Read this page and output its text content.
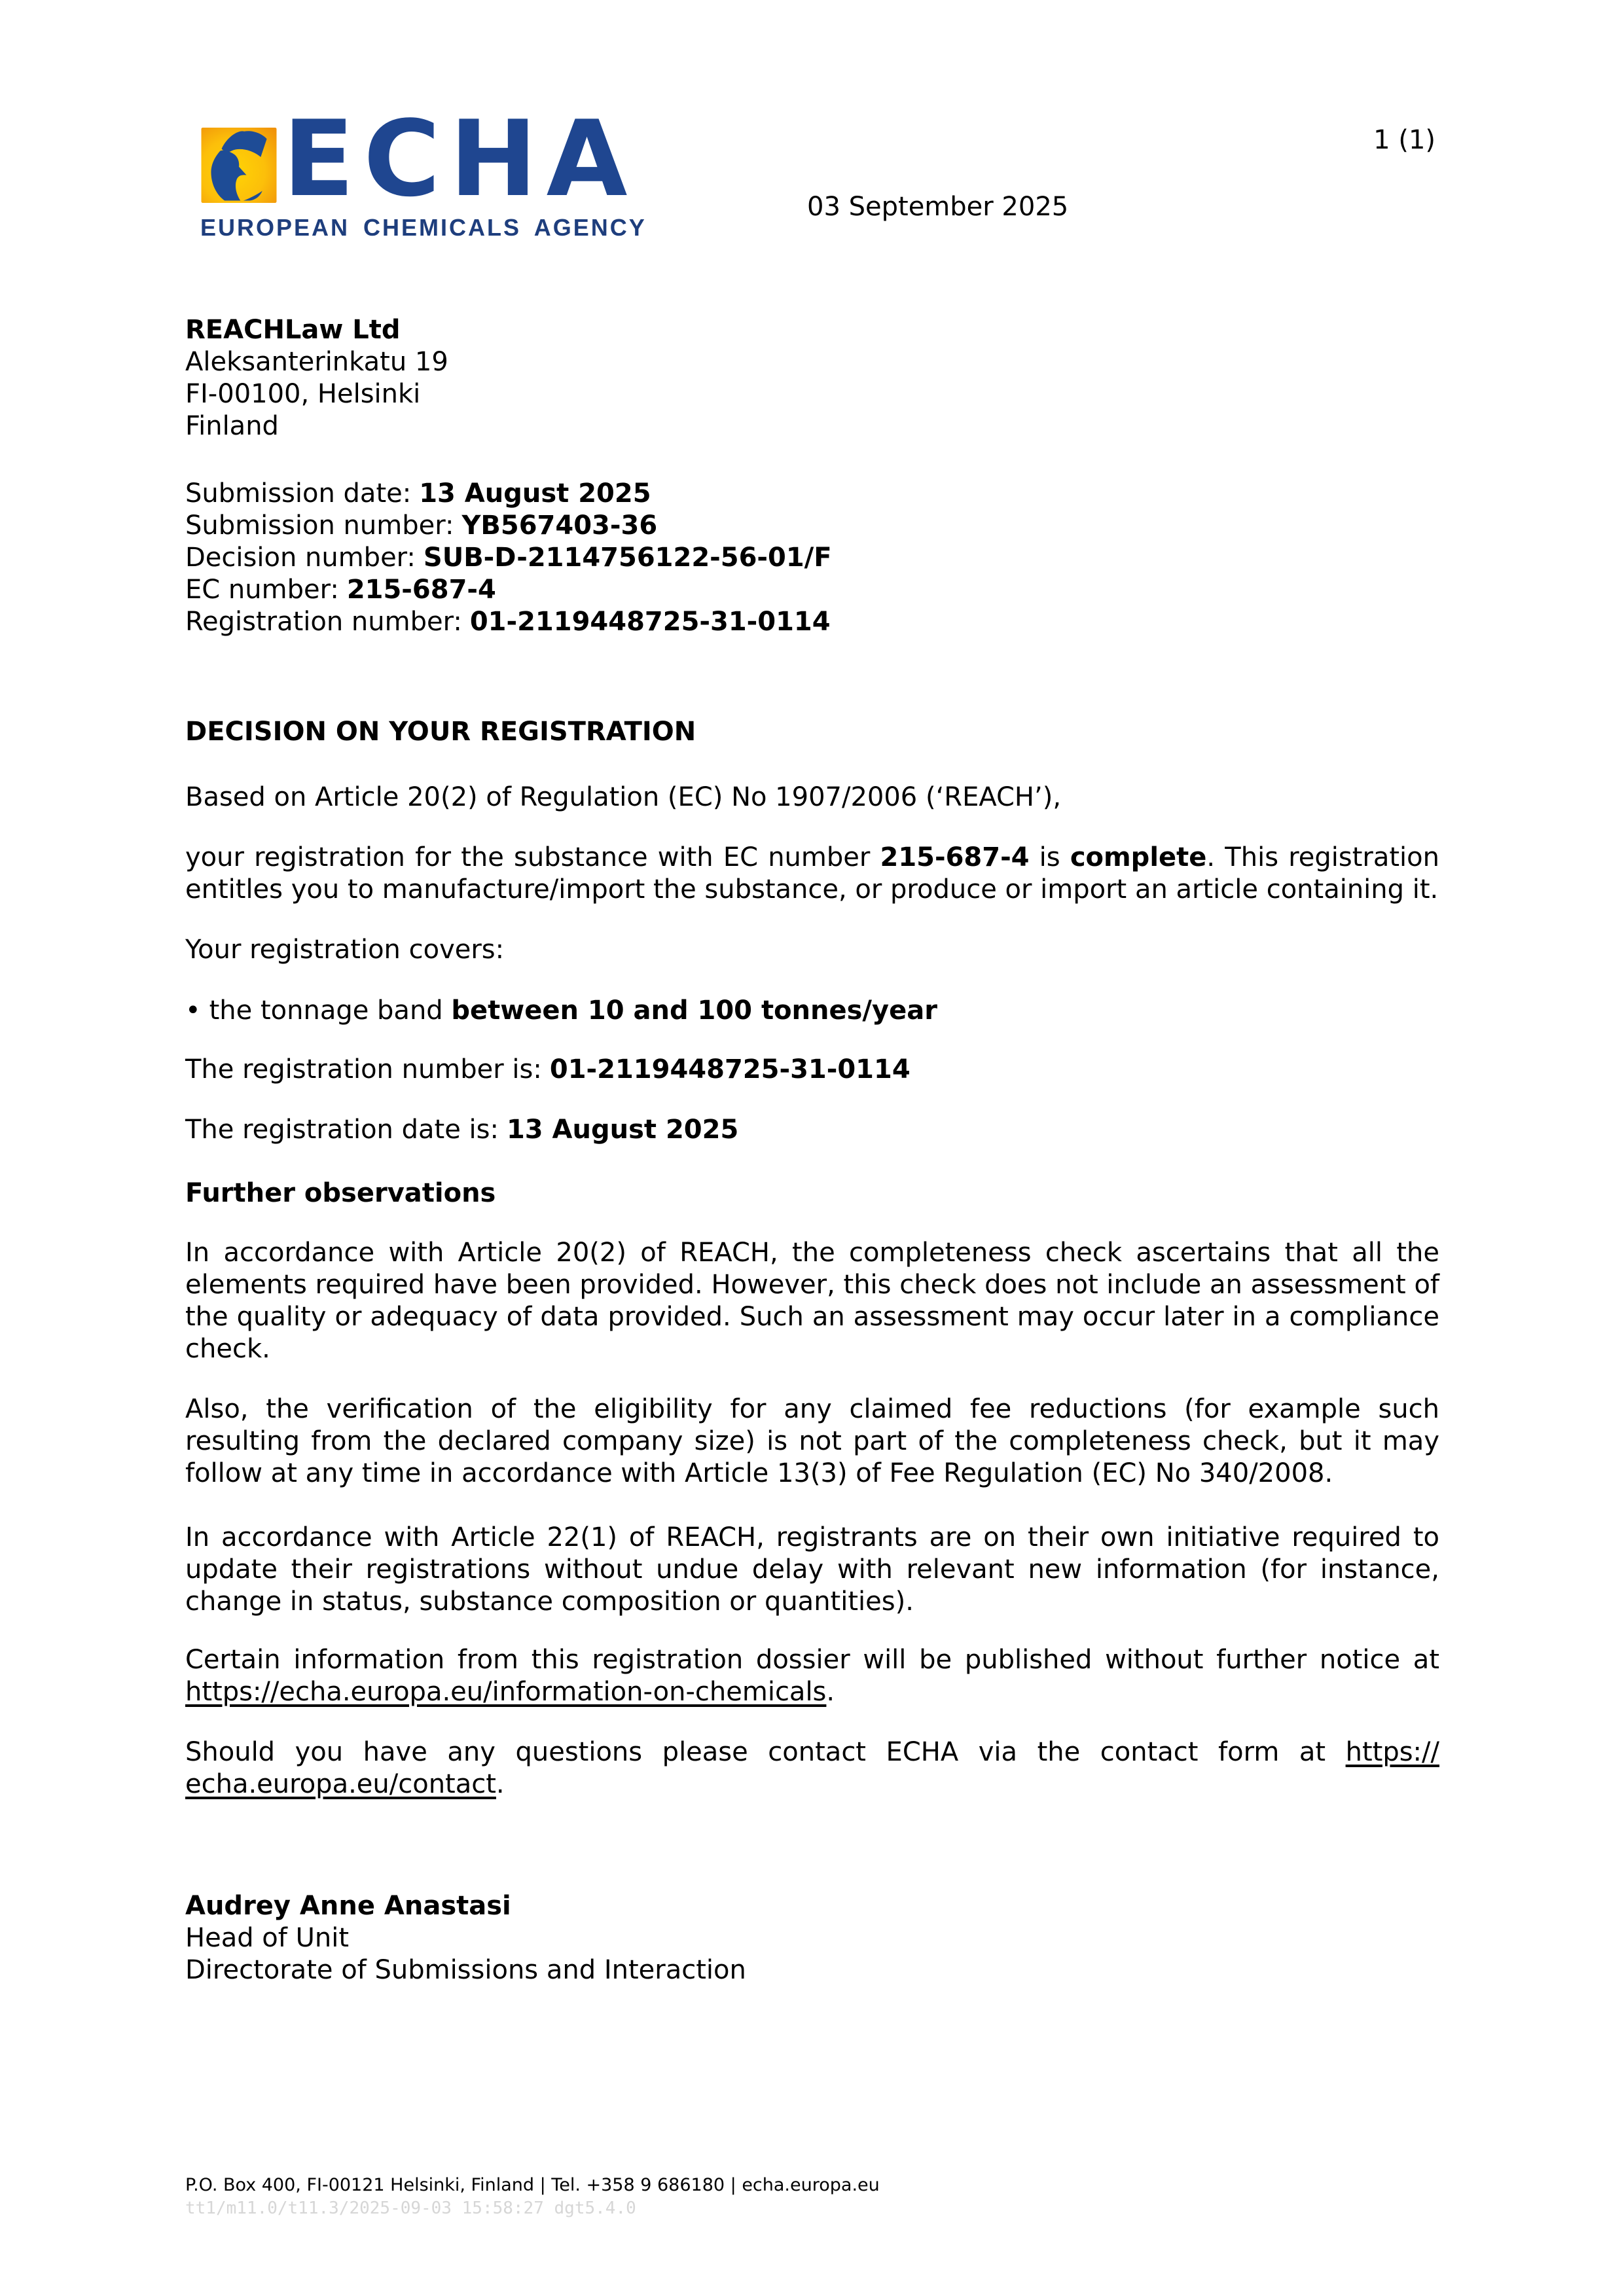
ECHA
EUROPEAN CHEMICALS AGENCY
1 (1)
03 September 2025
REACHLaw Ltd
Aleksanterinkatu 19
FI-00100, Helsinki
Finland
Submission date: 13 August 2025
Submission number: YB567403-36
Decision number: SUB-D-2114756122-56-01/F
EC number: 215-687-4
Registration number: 01-2119448725-31-0114
DECISION ON YOUR REGISTRATION

Based on Article 20(2) of Regulation (EC) No 1907/2006 (‘REACH’),

your registration for the substance with EC number 215-687-4 is complete. This registration entitles you to manufacture/import the substance, or produce or import an article containing it.

Your registration covers:

• the tonnage band between 10 and 100 tonnes/year
The registration number is: 01-2119448725-31-0114
The registration date is: 13 August 2025
Further observations

In accordance with Article 20(2) of REACH, the completeness check ascertains that all the elements required have been provided. However, this check does not include an assessment of the quality or adequacy of data provided. Such an assessment may occur later in a compliance check.

Also, the verification of the eligibility for any claimed fee reductions (for example such resulting from the declared company size) is not part of the completeness check, but it may follow at any time in accordance with Article 13(3) of Fee Regulation (EC) No 340/2008.

In accordance with Article 22(1) of REACH, registrants are on their own initiative required to update their registrations without undue delay with relevant new information (for instance, change in status, substance composition or quantities).

Certain information from this registration dossier will be published without further notice at https://echa.europa.eu/information-on-chemicals.

Should you have any questions please contact ECHA via the contact form at https://echa.europa.eu/contact.

Audrey Anne Anastasi
Head of Unit
Directorate of Submissions and Interaction
P.O. Box 400, FI-00121 Helsinki, Finland | Tel. +358 9 686180 | echa.europa.eu
tt1/m11.0/t11.3/2025-09-03 15:58:27 dgt5.4.0
